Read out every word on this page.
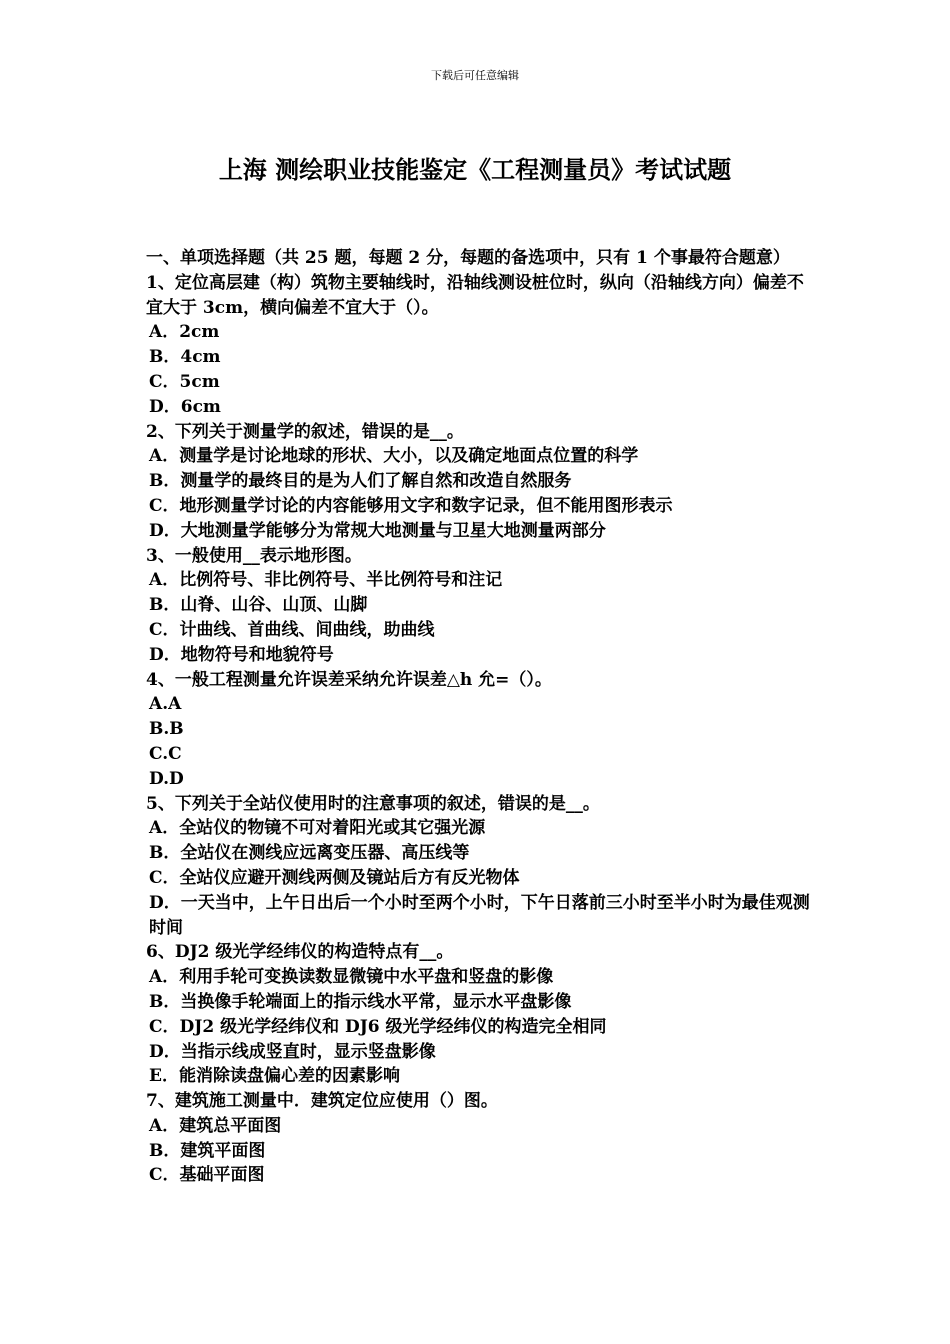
下载后可任意编辑
上海 测绘职业技能鉴定《工程测量员》考试试题

一、单项选择题（共 25 题，每题 2 分，每题的备选项中，只有 1 个事最符合题意）

1、定位高层建（构）筑物主要轴线时，沿轴线测设桩位时，纵向（沿轴线方向）偏差不宜大于 3cm，横向偏差不宜大于（）。

A．2cm

B．4cm

C．5cm

D．6cm

2、下列关于测量学的叙述，错误的是__。

A．测量学是讨论地球的形状、大小，以及确定地面点位置的科学

B．测量学的最终目的是为人们了解自然和改造自然服务

C．地形测量学讨论的内容能够用文字和数字记录，但不能用图形表示

D．大地测量学能够分为常规大地测量与卫星大地测量两部分

3、一般使用__表示地形图。

A．比例符号、非比例符号、半比例符号和注记

B．山脊、山谷、山顶、山脚

C．计曲线、首曲线、间曲线，助曲线

D．地物符号和地貌符号

4、一般工程测量允许误差采纳允许误差△h 允=（）。

A.A

B.B

C.C

D.D

5、下列关于全站仪使用时的注意事项的叙述，错误的是__。

A．全站仪的物镜不可对着阳光或其它强光源

B．全站仪在测线应远离变压器、高压线等

C．全站仪应避开测线两侧及镜站后方有反光物体

D．一天当中，上午日出后一个小时至两个小时，下午日落前三小时至半小时为最佳观测时间

6、DJ2 级光学经纬仪的构造特点有__。

A．利用手轮可变换读数显微镜中水平盘和竖盘的影像

B．当换像手轮端面上的指示线水平常，显示水平盘影像

C．DJ2 级光学经纬仪和 DJ6 级光学经纬仪的构造完全相同

D．当指示线成竖直时，显示竖盘影像

E．能消除读盘偏心差的因素影响

7、建筑施工测量中．建筑定位应使用（）图。

A．建筑总平面图

B．建筑平面图

C．基础平面图
